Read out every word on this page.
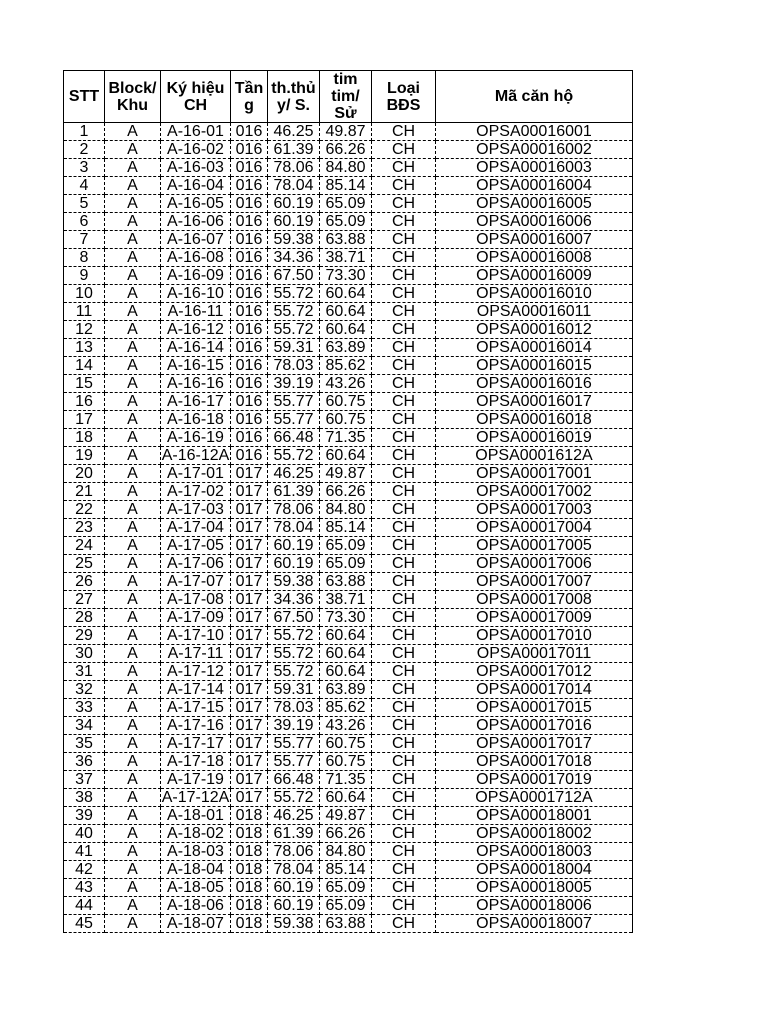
STT	Block/ Khu	Ký hiệu CH	Tần g	th.thủ y/ S.	tim tim/ Sử	Loại BĐS	Mã căn hộ

1	A	A-16-01	016	46.25	49.87	CH	OPSA00016001
2	A	A-16-02	016	61.39	66.26	CH	OPSA00016002
3	A	A-16-03	016	78.06	84.80	CH	OPSA00016003
4	A	A-16-04	016	78.04	85.14	CH	OPSA00016004
5	A	A-16-05	016	60.19	65.09	CH	OPSA00016005
6	A	A-16-06	016	60.19	65.09	CH	OPSA00016006
7	A	A-16-07	016	59.38	63.88	CH	OPSA00016007
8	A	A-16-08	016	34.36	38.71	CH	OPSA00016008
9	A	A-16-09	016	67.50	73.30	CH	OPSA00016009
10	A	A-16-10	016	55.72	60.64	CH	OPSA00016010
11	A	A-16-11	016	55.72	60.64	CH	OPSA00016011
12	A	A-16-12	016	55.72	60.64	CH	OPSA00016012
13	A	A-16-14	016	59.31	63.89	CH	OPSA00016014
14	A	A-16-15	016	78.03	85.62	CH	OPSA00016015
15	A	A-16-16	016	39.19	43.26	CH	OPSA00016016
16	A	A-16-17	016	55.77	60.75	CH	OPSA00016017
17	A	A-16-18	016	55.77	60.75	CH	OPSA00016018
18	A	A-16-19	016	66.48	71.35	CH	OPSA00016019
19	A	A-16-12A	016	55.72	60.64	CH	OPSA0001612A
20	A	A-17-01	017	46.25	49.87	CH	OPSA00017001
21	A	A-17-02	017	61.39	66.26	CH	OPSA00017002
22	A	A-17-03	017	78.06	84.80	CH	OPSA00017003
23	A	A-17-04	017	78.04	85.14	CH	OPSA00017004
24	A	A-17-05	017	60.19	65.09	CH	OPSA00017005
25	A	A-17-06	017	60.19	65.09	CH	OPSA00017006
26	A	A-17-07	017	59.38	63.88	CH	OPSA00017007
27	A	A-17-08	017	34.36	38.71	CH	OPSA00017008
28	A	A-17-09	017	67.50	73.30	CH	OPSA00017009
29	A	A-17-10	017	55.72	60.64	CH	OPSA00017010
30	A	A-17-11	017	55.72	60.64	CH	OPSA00017011
31	A	A-17-12	017	55.72	60.64	CH	OPSA00017012
32	A	A-17-14	017	59.31	63.89	CH	OPSA00017014
33	A	A-17-15	017	78.03	85.62	CH	OPSA00017015
34	A	A-17-16	017	39.19	43.26	CH	OPSA00017016
35	A	A-17-17	017	55.77	60.75	CH	OPSA00017017
36	A	A-17-18	017	55.77	60.75	CH	OPSA00017018
37	A	A-17-19	017	66.48	71.35	CH	OPSA00017019
38	A	A-17-12A	017	55.72	60.64	CH	OPSA0001712A
39	A	A-18-01	018	46.25	49.87	CH	OPSA00018001
40	A	A-18-02	018	61.39	66.26	CH	OPSA00018002
41	A	A-18-03	018	78.06	84.80	CH	OPSA00018003
42	A	A-18-04	018	78.04	85.14	CH	OPSA00018004
43	A	A-18-05	018	60.19	65.09	CH	OPSA00018005
44	A	A-18-06	018	60.19	65.09	CH	OPSA00018006
45	A	A-18-07	018	59.38	63.88	CH	OPSA00018007
